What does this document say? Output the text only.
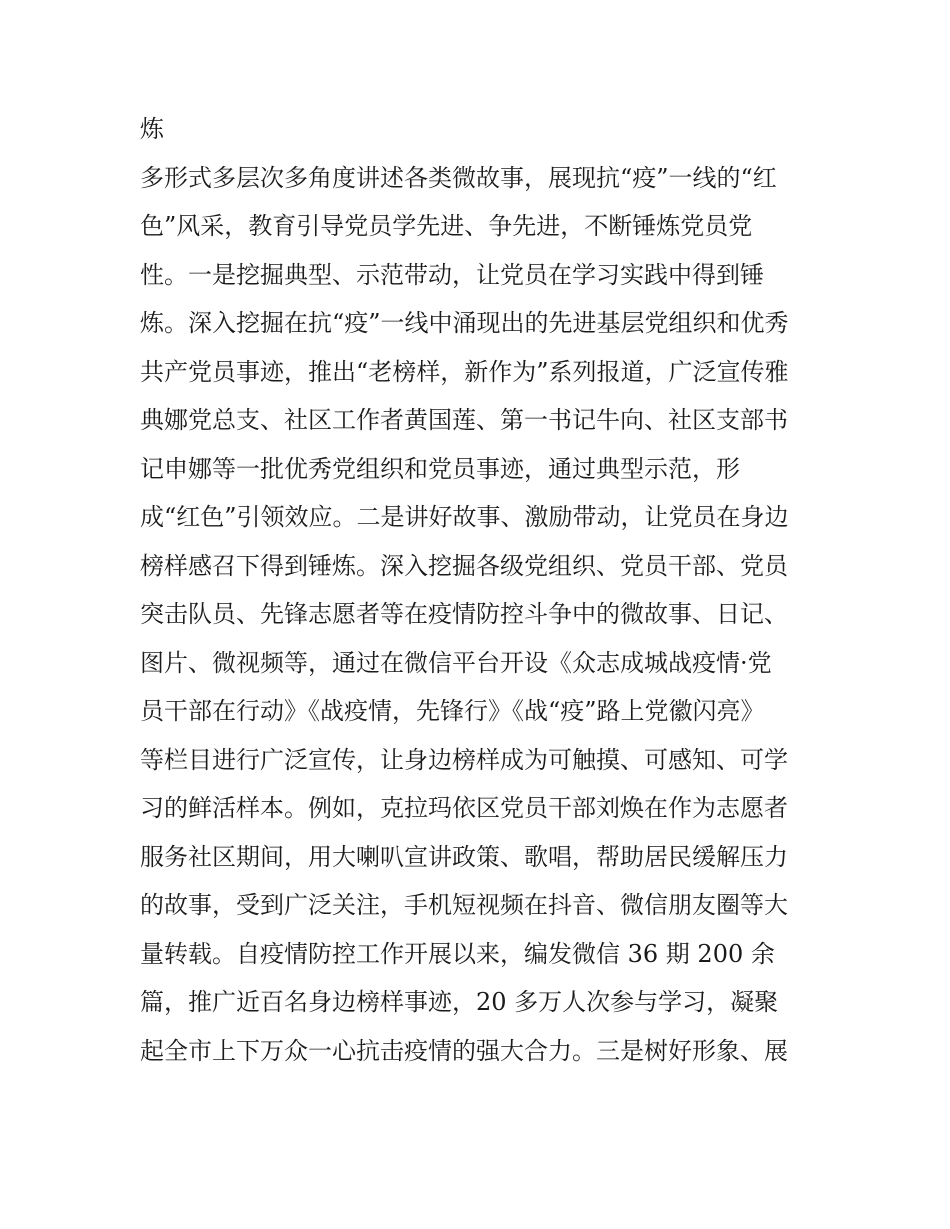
炼
多形式多层次多角度讲述各类微故事，展现抗“疫”一线的“红
色”风采，教育引导党员学先进、争先进，不断锤炼党员党
性。一是挖掘典型、示范带动，让党员在学习实践中得到锤
炼。深入挖掘在抗“疫”一线中涌现出的先进基层党组织和优秀
共产党员事迹，推出“老榜样，新作为”系列报道，广泛宣传雅
典娜党总支、社区工作者黄国莲、第一书记牛向、社区支部书
记申娜等一批优秀党组织和党员事迹，通过典型示范，形
成“红色”引领效应。二是讲好故事、激励带动，让党员在身边
榜样感召下得到锤炼。深入挖掘各级党组织、党员干部、党员
突击队员、先锋志愿者等在疫情防控斗争中的微故事、日记、
图片、微视频等，通过在微信平台开设《众志成城战疫情·党
员干部在行动》《战疫情，先锋行》《战“疫”路上党徽闪亮》
等栏目进行广泛宣传，让身边榜样成为可触摸、可感知、可学
习的鲜活样本。例如，克拉玛依区党员干部刘焕在作为志愿者
服务社区期间，用大喇叭宣讲政策、歌唱，帮助居民缓解压力
的故事，受到广泛关注，手机短视频在抖音、微信朋友圈等大
量转载。自疫情防控工作开展以来，编发微信 36 期 200 余
篇，推广近百名身边榜样事迹，20 多万人次参与学习，凝聚
起全市上下万众一心抗击疫情的强大合力。三是树好形象、展
